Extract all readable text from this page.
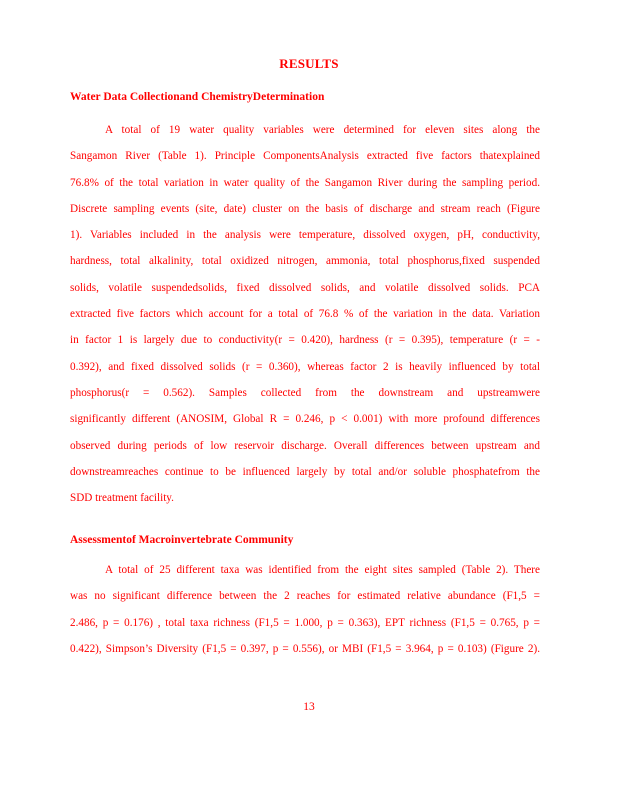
RESULTS
Water Data Collectionand ChemistryDetermination
A total of 19 water quality variables were determined for eleven sites along the
Sangamon River (Table 1). Principle ComponentsAnalysis extracted five factors thatexplained
76.8% of the total variation in water quality of the Sangamon River during the sampling period.
Discrete sampling events (site, date) cluster on the basis of discharge and stream reach (Figure
1). Variables included in the analysis were temperature, dissolved oxygen, pH, conductivity,
hardness, total alkalinity, total oxidized nitrogen, ammonia, total phosphorus,fixed suspended
solids, volatile suspendedsolids, fixed dissolved solids, and volatile dissolved solids. PCA
extracted five factors which account for a total of 76.8 % of the variation in the data. Variation
in factor 1 is largely due to conductivity(r = 0.420), hardness (r = 0.395), temperature (r = -
0.392), and fixed dissolved solids (r = 0.360), whereas factor 2 is heavily influenced by total
phosphorus(r = 0.562). Samples collected from the downstream and upstreamwere
significantly different (ANOSIM, Global R = 0.246, p < 0.001) with more profound differences
observed during periods of low reservoir discharge. Overall differences between upstream and
downstreamreaches continue to be influenced largely by total and/or soluble phosphatefrom the
SDD treatment facility.
Assessmentof Macroinvertebrate Community
A total of 25 different taxa was identified from the eight sites sampled (Table 2). There
was no significant difference between the 2 reaches for estimated relative abundance (F1,5 =
2.486, p = 0.176) , total taxa richness (F1,5 = 1.000, p = 0.363), EPT richness (F1,5 = 0.765, p =
0.422), Simpson’s Diversity (F1,5 = 0.397, p = 0.556), or MBI (F1,5 = 3.964, p = 0.103) (Figure 2).
13
